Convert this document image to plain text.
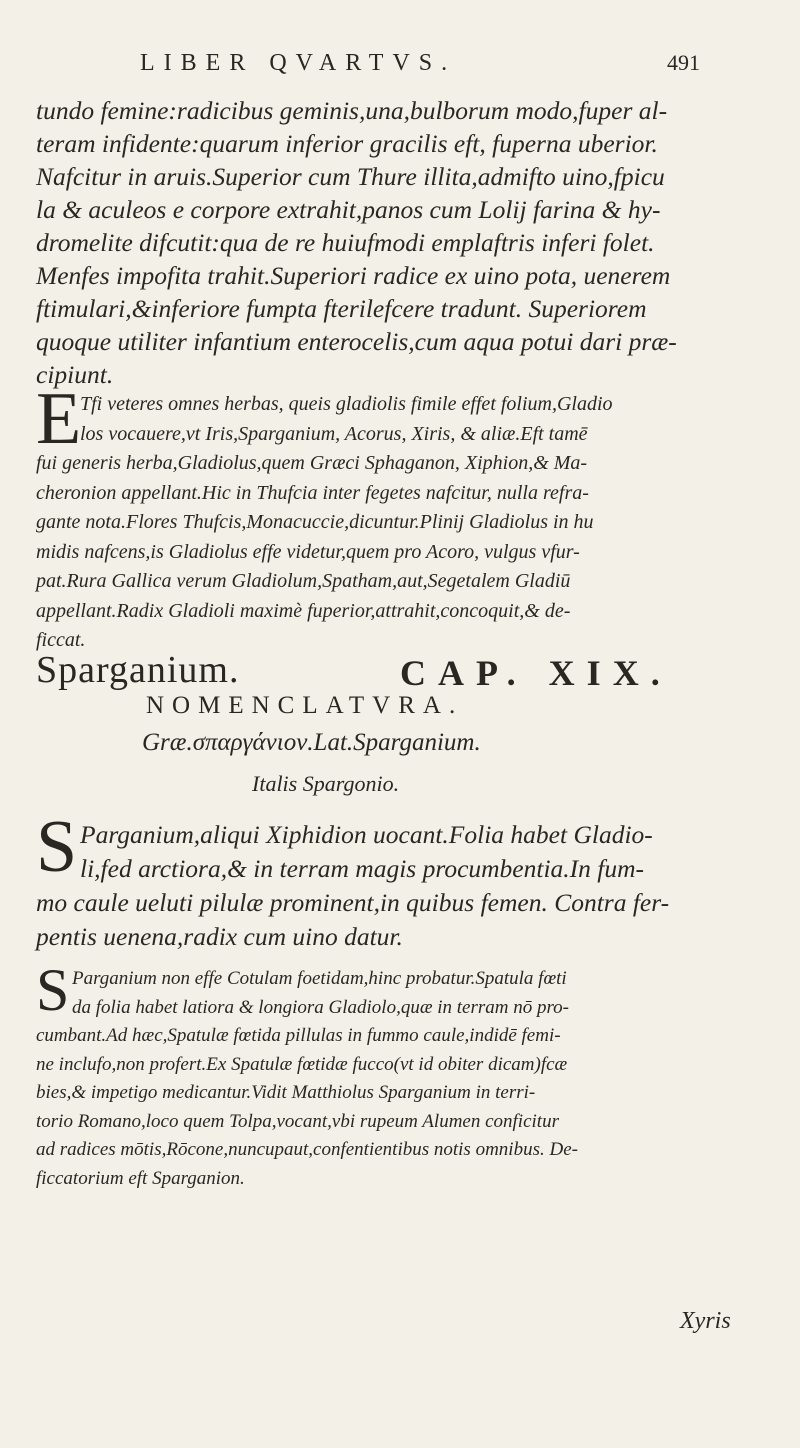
LIBER QVARTVS.	491

tundo femine:radicibus geminis,una,bulborum modo,fuper al-
teram infidente:quarum inferior gracilis eft, fuperna uberior.
Nafcitur in aruis.Superior cum Thure illita,admifto uino,fpicu
la & aculeos e corpore extrahit,panos cum Lolij farina & hy-
dromelite difcutit:qua de re huiufmodi emplaftris inferi folet.
Menfes impofita trahit.Superiori radice ex uino pota, uenerem
ftimulari,&inferiore fumpta fterilefcere tradunt. Superiorem
quoque utiliter infantium enterocelis,cum aqua potui dari præ-
cipiunt.

E

Tfi veteres omnes herbas, queis gladiolis fimile effet folium,Gladio
los vocauere,vt Iris,Sparganium, Acorus, Xiris, & aliæ.Eft tamē
fui generis herba,Gladiolus,quem Græci Sphaganon, Xiphion,& Ma-
cheronion appellant.Hic in Thufcia inter fegetes nafcitur, nulla refra-
gante nota.Flores Thufcis,Monacuccie,dicuntur.Plinij Gladiolus in hu
midis nafcens,is Gladiolus effe videtur,quem pro Acoro, vulgus vfur-
pat.Rura Gallica verum Gladiolum,Spatham,aut,Segetalem Gladiū
appellant.Radix Gladioli maximè fuperior,attrahit,concoquit,& de-
ficcat.

Sparganium.	CAP. XIX.
NOMENCLATVRA.
Græ.σπαργάνιον.Lat.Sparganium.
Italis Spargonio.
S Parganium,aliqui Xiphidion uocant.Folia habet Gladio-
li,fed arctiora,& in terram magis procumbentia.In fum-
mo caule ueluti pilulæ prominent,in quibus femen. Contra fer-
pentis uenena,radix cum uino datur.

S Parganium non effe Cotulam foetidam,hinc probatur.Spatula fœti
da folia habet latiora & longiora Gladiolo,quæ in terram nō pro-
cumbant.Ad hæc,Spatulæ fœtida pillulas in fummo caule,indidē femi-
ne inclufo,non profert.Ex Spatulæ fœtidæ fucco(vt id obiter dicam)fcæ
bies,& impetigo medicantur.Vidit Matthiolus Sparganium in terri-
torio Romano,loco quem Tolpa,vocant,vbi rupeum Alumen conficitur
ad radices mōtis,Rōcone,nuncupaut,confentientibus notis omnibus. De-
ficcatorium eft Sparganion.

Xyris
